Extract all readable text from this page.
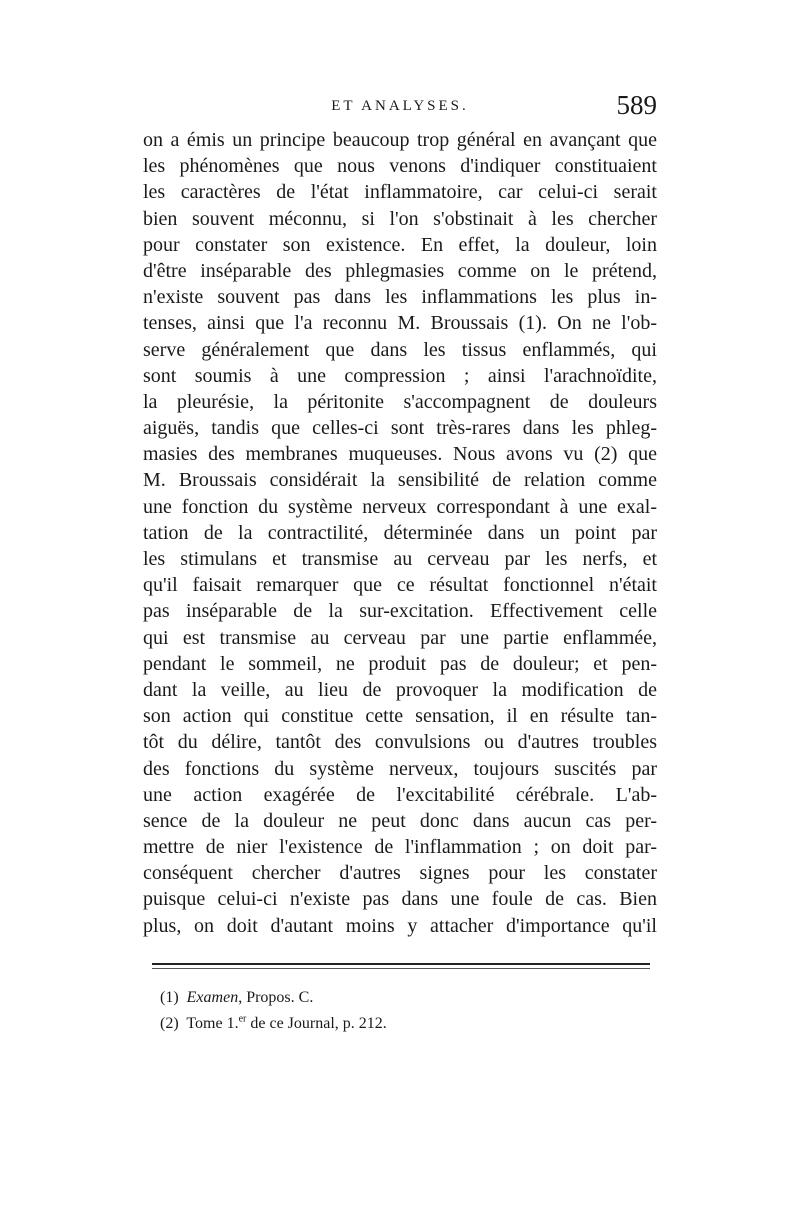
ET ANALYSES.	589
on a émis un principe beaucoup trop général en avançant que
les phénomènes que nous venons d'indiquer constituaient
les caractères de l'état inflammatoire, car celui-ci serait
bien souvent méconnu, si l'on s'obstinait à les chercher
pour constater son existence. En effet, la douleur, loin
d'être inséparable des phlegmasies comme on le prétend,
n'existe souvent pas dans les inflammations les plus in-
tenses, ainsi que l'a reconnu M. Broussais (1). On ne l'ob-
serve généralement que dans les tissus enflammés, qui
sont soumis à une compression ; ainsi l'arachnoïdite,
la pleurésie, la péritonite s'accompagnent de douleurs
aiguës, tandis que celles-ci sont très-rares dans les phleg-
masies des membranes muqueuses. Nous avons vu (2) que
M. Broussais considérait la sensibilité de relation comme
une fonction du système nerveux correspondant à une exal-
tation de la contractilité, déterminée dans un point par
les stimulans et transmise au cerveau par les nerfs, et
qu'il faisait remarquer que ce résultat fonctionnel n'était
pas inséparable de la sur-excitation. Effectivement celle
qui est transmise au cerveau par une partie enflammée,
pendant le sommeil, ne produit pas de douleur; et pen-
dant la veille, au lieu de provoquer la modification de
son action qui constitue cette sensation, il en résulte tan-
tôt du délire, tantôt des convulsions ou d'autres troubles
des fonctions du système nerveux, toujours suscités par
une action exagérée de l'excitabilité cérébrale. L'ab-
sence de la douleur ne peut donc dans aucun cas per-
mettre de nier l'existence de l'inflammation ; on doit par-
conséquent chercher d'autres signes pour les constater
puisque celui-ci n'existe pas dans une foule de cas. Bien
plus, on doit d'autant moins y attacher d'importance qu'il
(1) Examen, Propos. C.
(2) Tome 1.$^{er}$ de ce Journal, p. 212.
